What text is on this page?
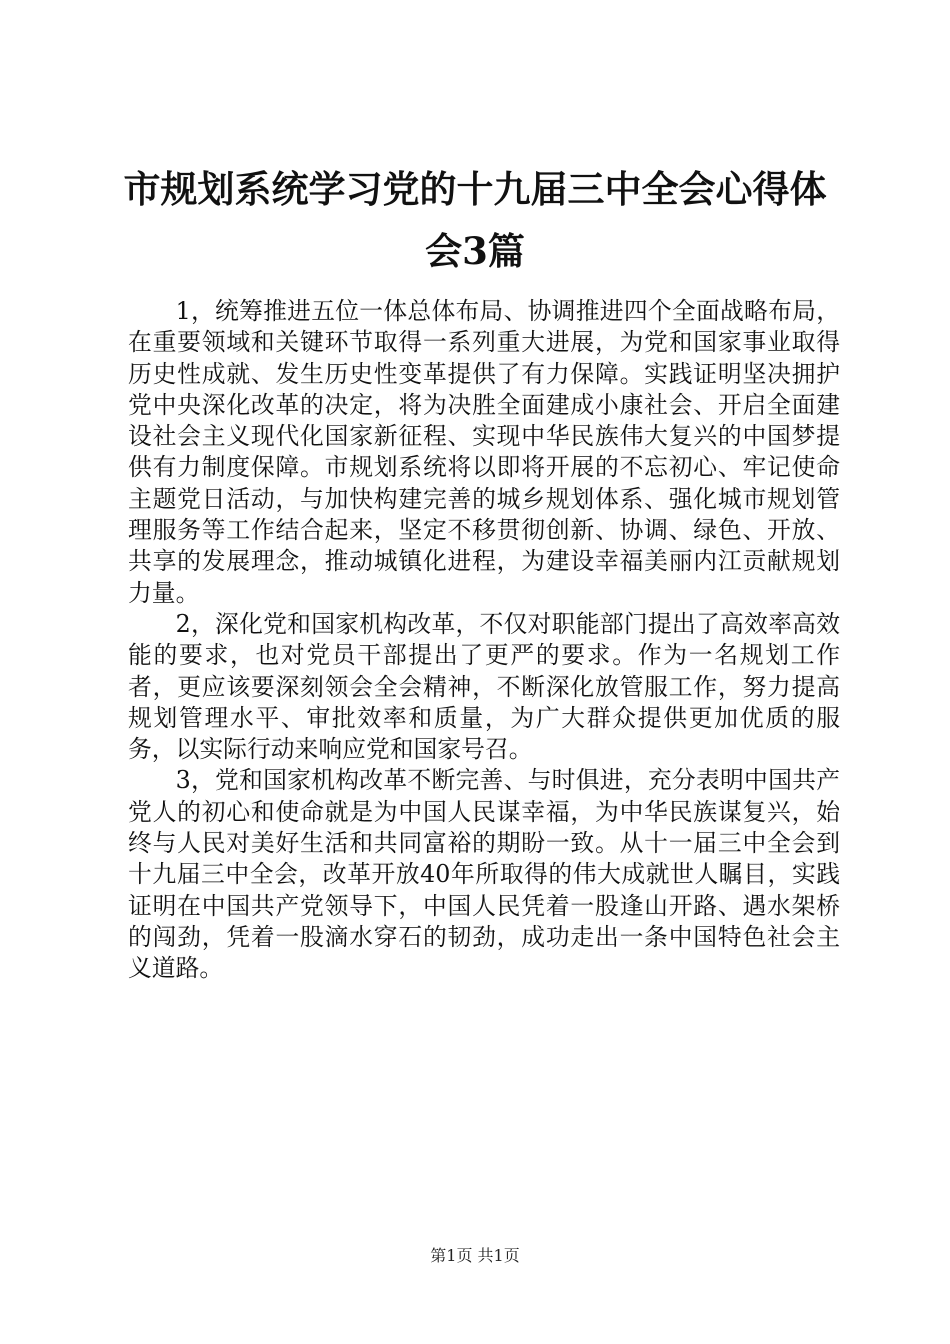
市规划系统学习党的十九届三中全会心得体会3篇

1，统筹推进五位一体总体布局、协调推进四个全面战略布局，在重要领域和关键环节取得一系列重大进展，为党和国家事业取得历史性成就、发生历史性变革提供了有力保障。实践证明坚决拥护党中央深化改革的决定，将为决胜全面建成小康社会、开启全面建设社会主义现代化国家新征程、实现中华民族伟大复兴的中国梦提供有力制度保障。市规划系统将以即将开展的不忘初心、牢记使命主题党日活动，与加快构建完善的城乡规划体系、强化城市规划管理服务等工作结合起来，坚定不移贯彻创新、协调、绿色、开放、共享的发展理念，推动城镇化进程，为建设幸福美丽内江贡献规划力量。

2，深化党和国家机构改革，不仅对职能部门提出了高效率高效能的要求，也对党员干部提出了更严的要求。作为一名规划工作者，更应该要深刻领会全会精神，不断深化放管服工作，努力提高规划管理水平、审批效率和质量，为广大群众提供更加优质的服务，以实际行动来响应党和国家号召。

3，党和国家机构改革不断完善、与时俱进，充分表明中国共产党人的初心和使命就是为中国人民谋幸福，为中华民族谋复兴，始终与人民对美好生活和共同富裕的期盼一致。从十一届三中全会到十九届三中全会，改革开放40年所取得的伟大成就世人瞩目，实践证明在中国共产党领导下，中国人民凭着一股逢山开路、遇水架桥的闯劲，凭着一股滴水穿石的韧劲，成功走出一条中国特色社会主义道路。

第1页 共1页
